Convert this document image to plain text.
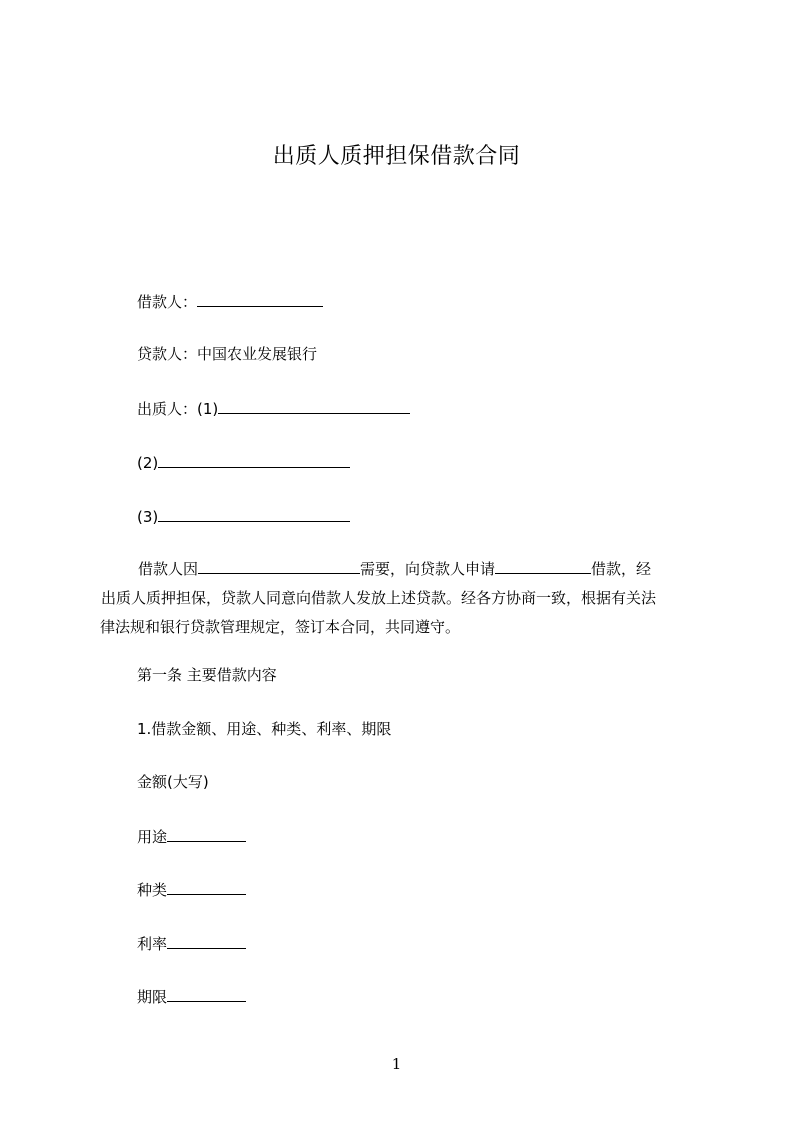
出质人质押担保借款合同
借款人：
贷款人：中国农业发展银行
出质人：(1)
(2)
(3)
借款人因	需要，向贷款人申请	借款，经
出质人质押担保，贷款人同意向借款人发放上述贷款。经各方协商一致，根据有关法
律法规和银行贷款管理规定，签订本合同，共同遵守。
第一条 主要借款内容
1.借款金额、用途、种类、利率、期限
金额(大写)
用途
种类
利率
期限
1
